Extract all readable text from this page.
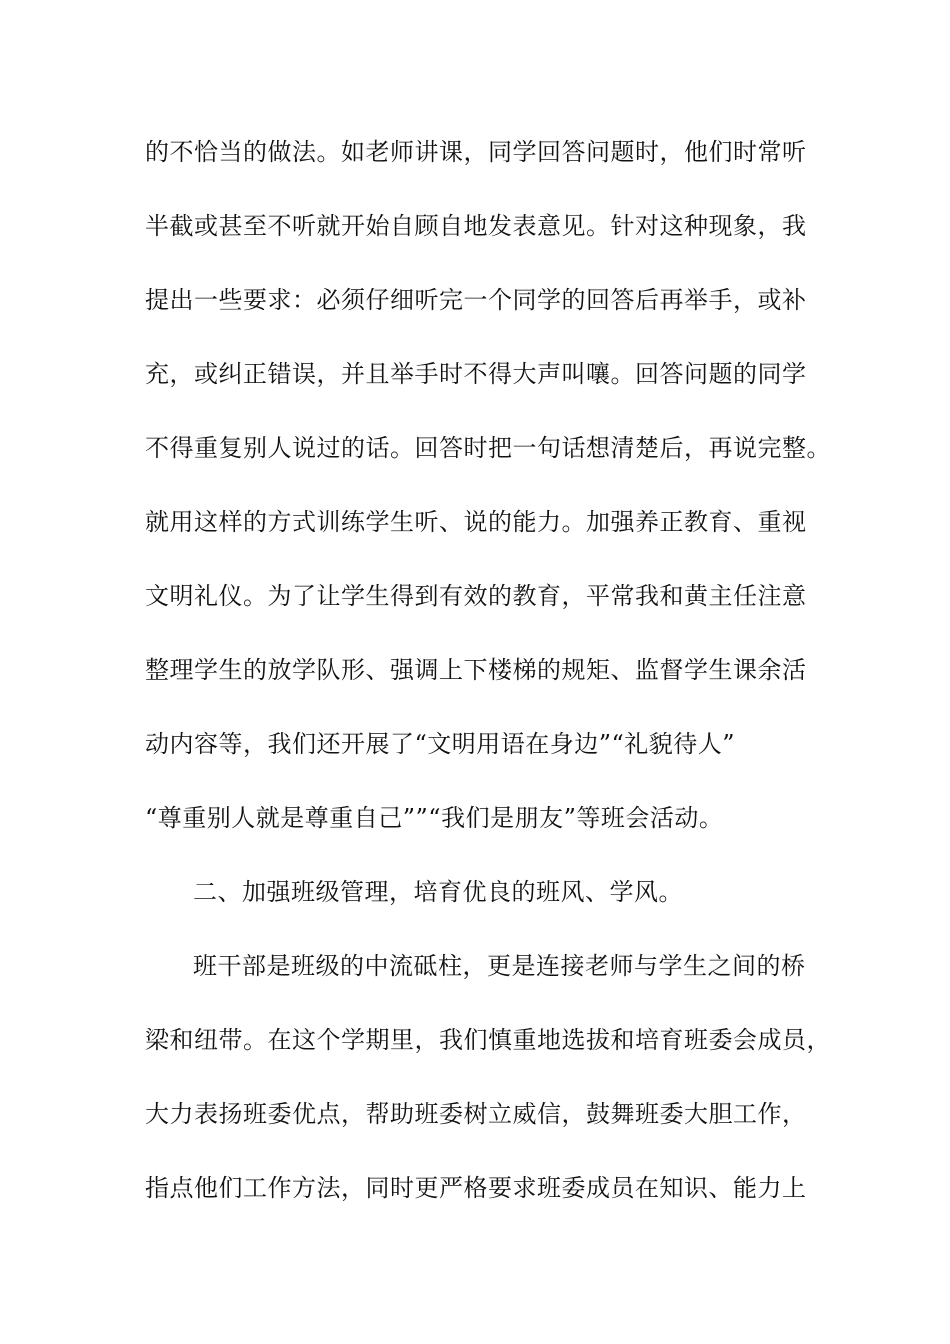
的不恰当的做法。如老师讲课，同学回答问题时，他们时常听
半截或甚至不听就开始自顾自地发表意见。针对这种现象，我
提出一些要求：必须仔细听完一个同学的回答后再举手，或补
充，或纠正错误，并且举手时不得大声叫嚷。回答问题的同学
不得重复别人说过的话。回答时把一句话想清楚后，再说完整。
就用这样的方式训练学生听、说的能力。加强养正教育、重视
文明礼仪。为了让学生得到有效的教育，平常我和黄主任注意
整理学生的放学队形、强调上下楼梯的规矩、监督学生课余活
动内容等，我们还开展了“文明用语在身边”“礼貌待人”
“尊重别人就是尊重自己””“我们是朋友”等班会活动。
二、加强班级管理，培育优良的班风、学风。
班干部是班级的中流砥柱，更是连接老师与学生之间的桥
梁和纽带。在这个学期里，我们慎重地选拔和培育班委会成员，
大力表扬班委优点，帮助班委树立威信，鼓舞班委大胆工作，
指点他们工作方法，同时更严格要求班委成员在知识、能力上
